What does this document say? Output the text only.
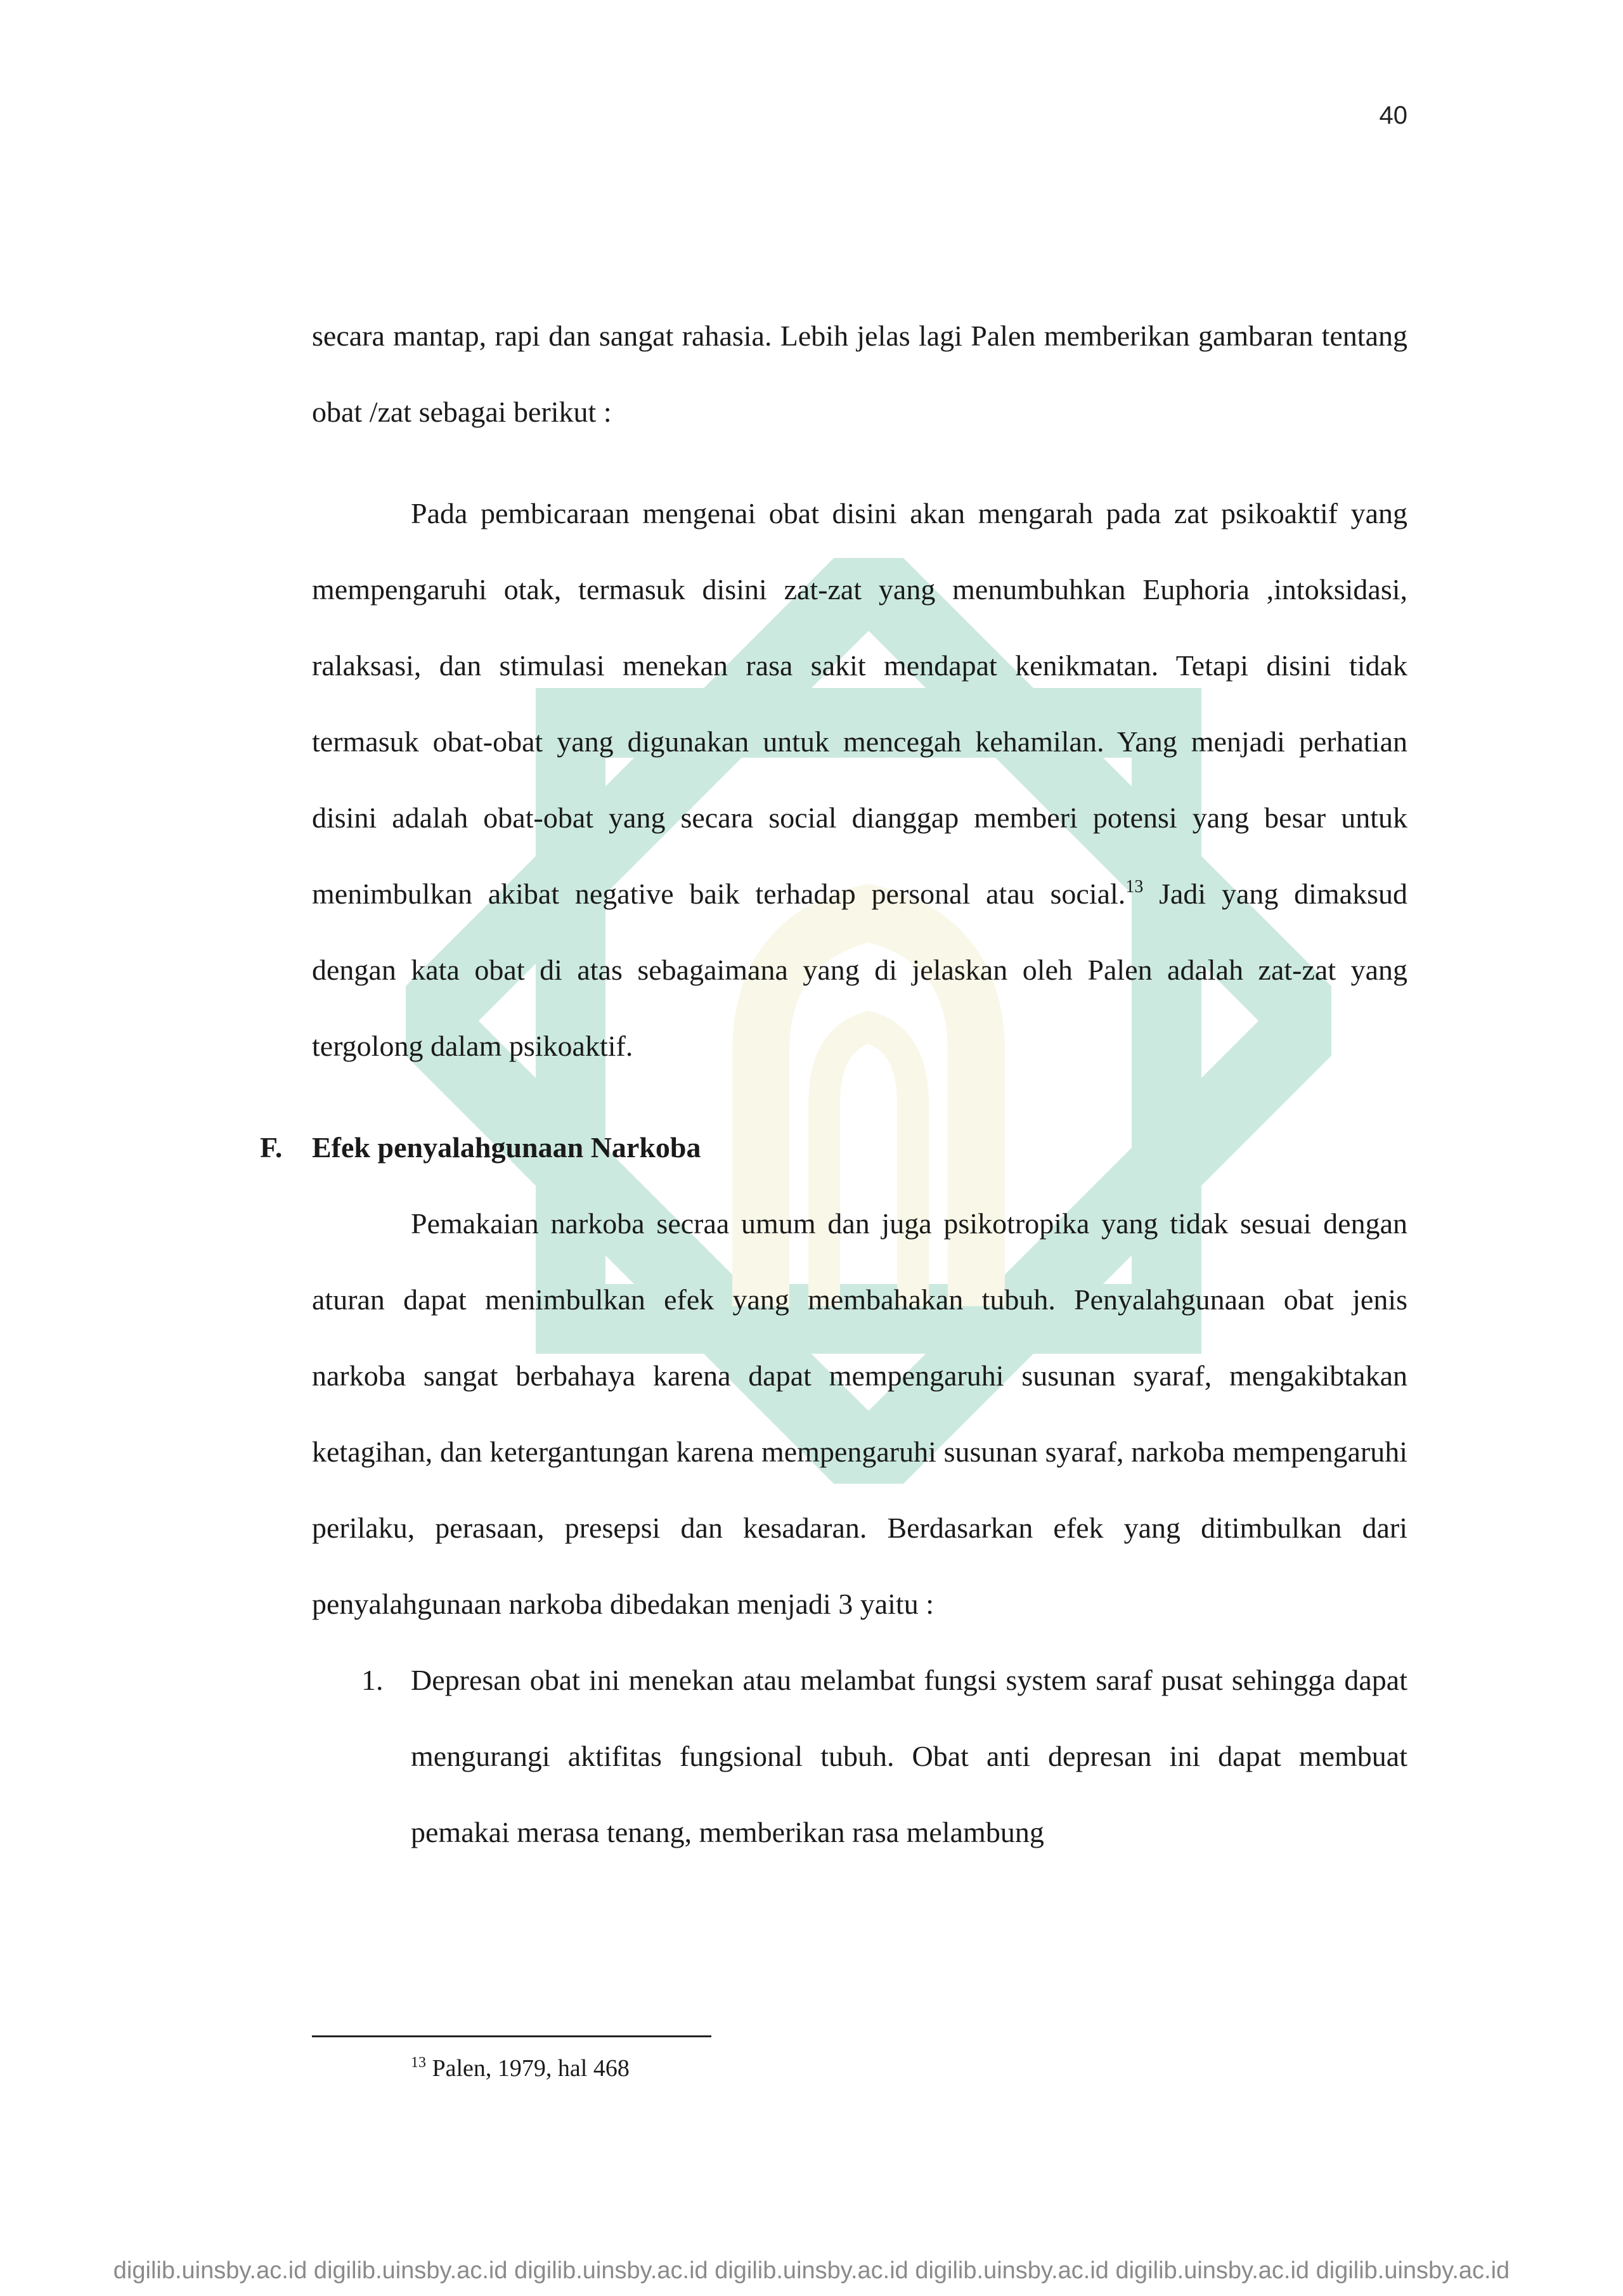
40

secara mantap, rapi dan sangat rahasia. Lebih jelas lagi Palen memberikan gambaran tentang obat /zat sebagai berikut :

Pada pembicaraan mengenai obat disini akan mengarah pada zat psikoaktif yang mempengaruhi otak, termasuk disini zat-zat yang menumbuhkan Euphoria ,intoksidasi, ralaksasi, dan stimulasi menekan rasa sakit mendapat kenikmatan. Tetapi disini tidak termasuk obat-obat yang digunakan untuk mencegah kehamilan. Yang menjadi perhatian disini adalah obat-obat yang secara social dianggap memberi potensi yang besar untuk menimbulkan akibat negative baik terhadap personal atau social.$^{13}$ Jadi yang dimaksud dengan kata obat di atas sebagaimana yang di jelaskan oleh Palen adalah zat-zat yang tergolong dalam psikoaktif.

F. Efek penyalahgunaan Narkoba

Pemakaian narkoba secraa umum dan juga psikotropika yang tidak sesuai dengan aturan dapat menimbulkan efek yang membahakan tubuh. Penyalahgunaan obat jenis narkoba sangat berbahaya karena dapat mempengaruhi susunan syaraf, mengakibtakan ketagihan, dan ketergantungan karena mempengaruhi susunan syaraf, narkoba mempengaruhi perilaku, perasaan, presepsi dan kesadaran. Berdasarkan efek yang ditimbulkan dari penyalahgunaan narkoba dibedakan menjadi 3 yaitu :

1. Depresan obat ini menekan atau melambat fungsi system saraf pusat sehingga dapat mengurangi aktifitas fungsional tubuh. Obat anti depresan ini dapat membuat pemakai merasa tenang, memberikan rasa melambung
$^{13}$ Palen, 1979, hal 468
digilib.uinsby.ac.id digilib.uinsby.ac.id digilib.uinsby.ac.id digilib.uinsby.ac.id digilib.uinsby.ac.id digilib.uinsby.ac.id digilib.uinsby.ac.id
